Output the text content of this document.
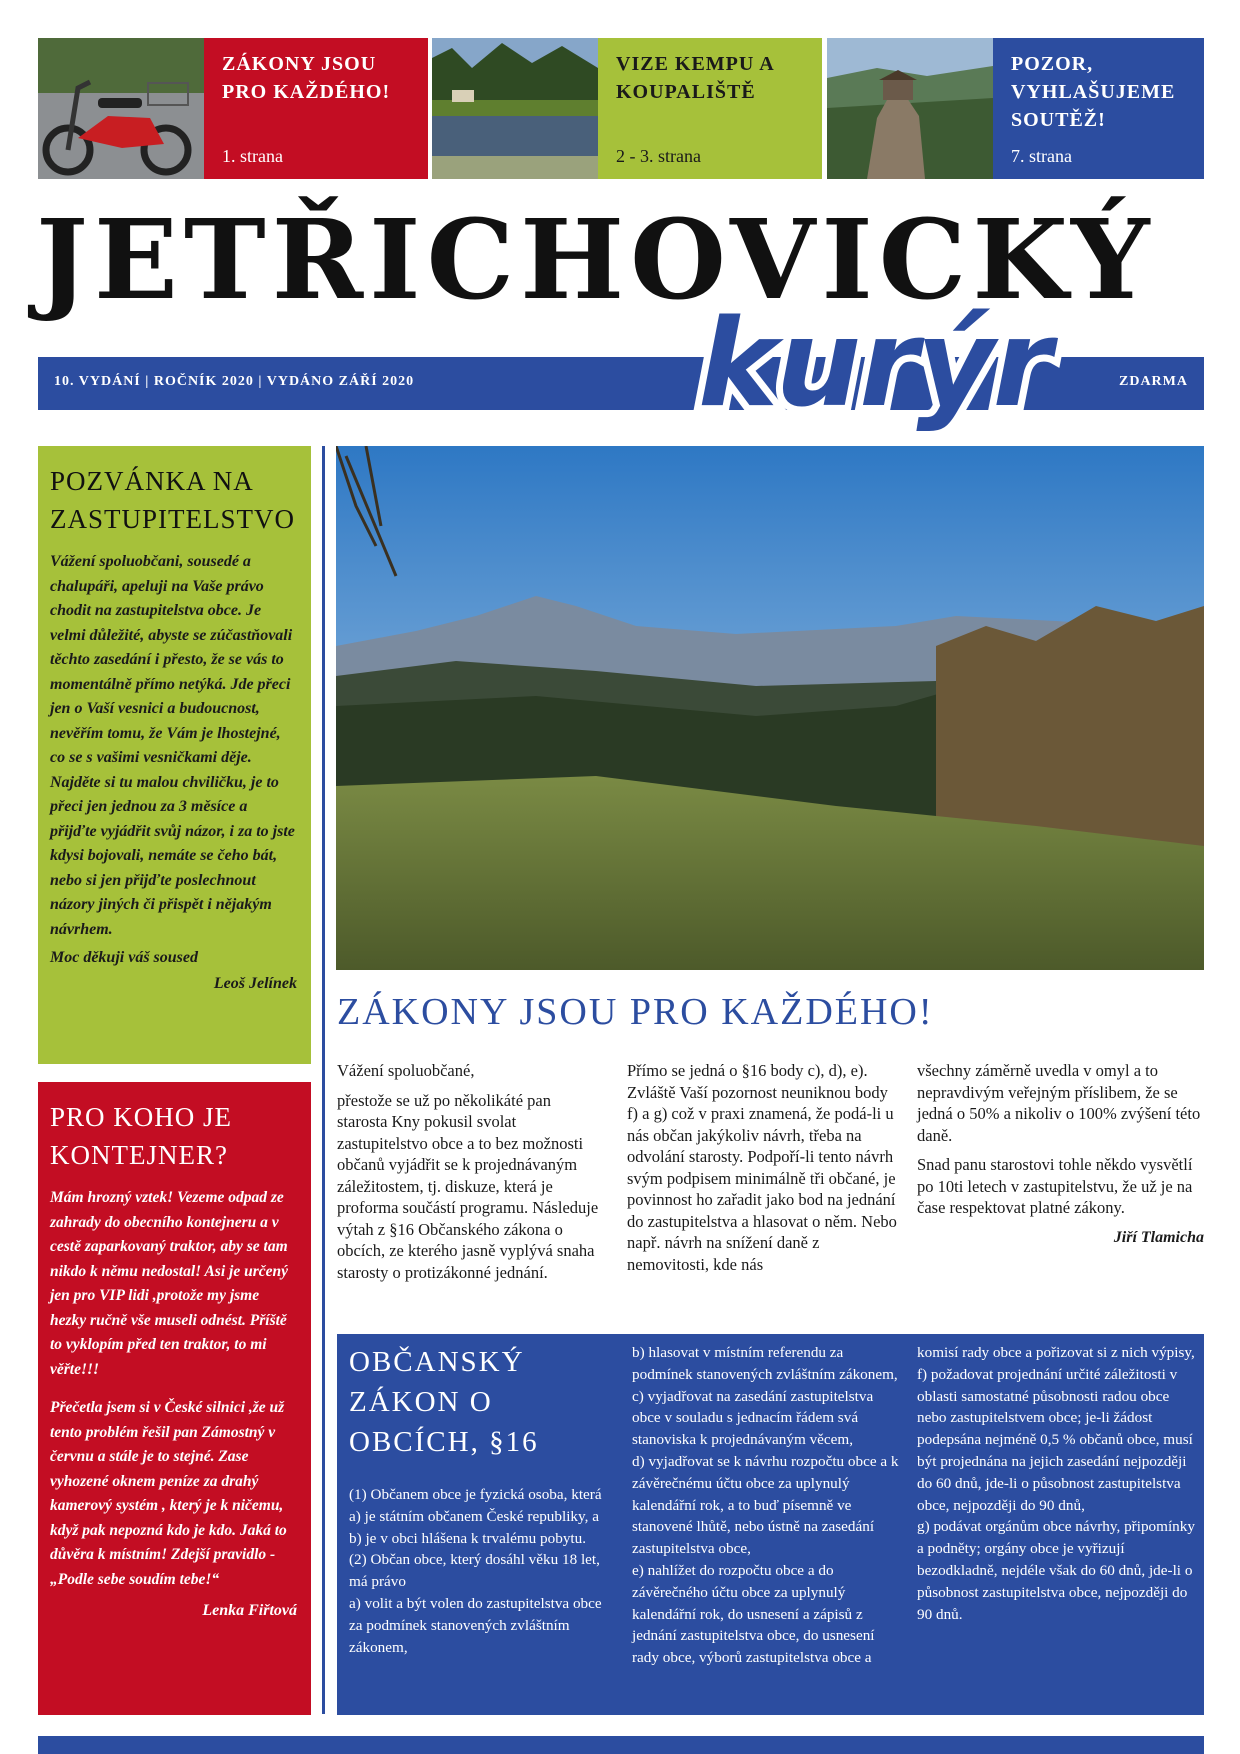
ZÁKONY JSOU PRO KAŽDÉHO!
1. strana
VIZE KEMPU A KOUPALIŠTĚ
2 - 3. strana
POZOR, VYHLAŠUJEME SOUTĚŽ!
7. strana
JETŘICHOVICKÝ
10. VYDÁNÍ | ROČNÍK 2020 | VYDÁNO ZÁŘÍ 2020	ZDARMA
kurýr
POZVÁNKA NA ZASTUPITELSTVO
Vážení spoluobčani, sousedé a chalupáři, apeluji na Vaše právo chodit na zastupitelstva obce. Je velmi důležité, abyste se zúčastňovali těchto zasedání i přesto, že se vás to momentálně přímo netýká. Jde přeci jen o Vaší vesnici a budoucnost, nevěřím tomu, že Vám je lhostejné, co se s vašimi vesničkami děje. Najděte si tu malou chviličku, je to přeci jen jednou za 3 měsíce a přijďte vyjádřit svůj názor, i za to jste kdysi bojovali, nemáte se čeho bát, nebo si jen přijďte poslechnout názory jiných či přispět i nějakým návrhem.
Moc děkuji váš soused
Leoš Jelínek
PRO KOHO JE KONTEJNER?
Mám hrozný vztek! Vezeme odpad ze zahrady do obecního kontejneru a v cestě zaparkovaný traktor, aby se tam nikdo k němu nedostal! Asi je určený jen pro VIP lidi ,protože my jsme hezky ručně vše museli odnést. Příště to vyklopím před ten traktor, to mi věřte!!!
Přečetla jsem si v České silnici ,že už tento problém řešil pan Zámostný v červnu a stále je to stejné. Zase vyhozené oknem peníze za drahý kamerový systém , který je k ničemu, když pak nepozná kdo je kdo. Jaká to důvěra k místním! Zdejší pravidlo - „Podle sebe soudím tebe!“
Lenka Fiřtová
ZÁKONY JSOU PRO KAŽDÉHO!

Vážení spoluobčané,

přestože se už po několikáté pan starosta Kny pokusil svolat zastupitelstvo obce a to bez možnosti občanů vyjádřit se k projednávaným záležitostem, tj. diskuze, která je proforma součástí programu. Následuje výtah z §16 Občanského zákona o obcích, ze kterého jasně vyplývá snaha starosty o protizákonné jednání.

Přímo se jedná o §16 body c), d), e). Zvláště Vaší pozornost neuniknou body f) a g) což v praxi znamená, že podá-li u nás občan jakýkoliv návrh, třeba na odvolání starosty. Podpoří-li tento návrh svým podpisem minimálně tři občané, je povinnost ho zařadit jako bod na jednání do zastupitelstva a hlasovat o něm. Nebo např. návrh na snížení daně z nemovitosti, kde nás

všechny záměrně uvedla v omyl a to nepravdivým veřejným příslibem, že se jedná o 50% a nikoliv o 100% zvýšení této daně.

Snad panu starostovi tohle někdo vysvětlí po 10ti letech v zastupitelstvu, že už je na čase respektovat platné zákony.

Jiří Tlamicha
OBČANSKÝ ZÁKON O OBCÍCH, §16
(1) Občanem obce je fyzická osoba, která
a) je státním občanem České republiky, a
b) je v obci hlášena k trvalému pobytu.
(2) Občan obce, který dosáhl věku 18 let, má právo
a) volit a být volen do zastupitelstva obce za podmínek stanovených zvláštním zákonem,
b) hlasovat v místním referendu za podmínek stanovených zvláštním zákonem,
c) vyjadřovat na zasedání zastupitelstva obce v souladu s jednacím řádem svá stanoviska k projednávaným věcem,
d) vyjadřovat se k návrhu rozpočtu obce a k závěrečnému účtu obce za uplynulý kalendářní rok, a to buď písemně ve stanovené lhůtě, nebo ústně na zasedání zastupitelstva obce,
e) nahlížet do rozpočtu obce a do závěrečného účtu obce za uplynulý kalendářní rok, do usnesení a zápisů z jednání zastupitelstva obce, do usnesení rady obce, výborů zastupitelstva obce a
komisí rady obce a pořizovat si z nich výpisy,
f) požadovat projednání určité záležitosti v oblasti samostatné působnosti radou obce nebo zastupitelstvem obce; je-li žádost podepsána nejméně 0,5 % občanů obce, musí být projednána na jejich zasedání nejpozději do 60 dnů, jde-li o působnost zastupitelstva obce, nejpozději do 90 dnů,
g) podávat orgánům obce návrhy, připomínky a podněty; orgány obce je vyřizují bezodkladně, nejdéle však do 60 dnů, jde-li o působnost zastupitelstva obce, nejpozději do 90 dnů.
